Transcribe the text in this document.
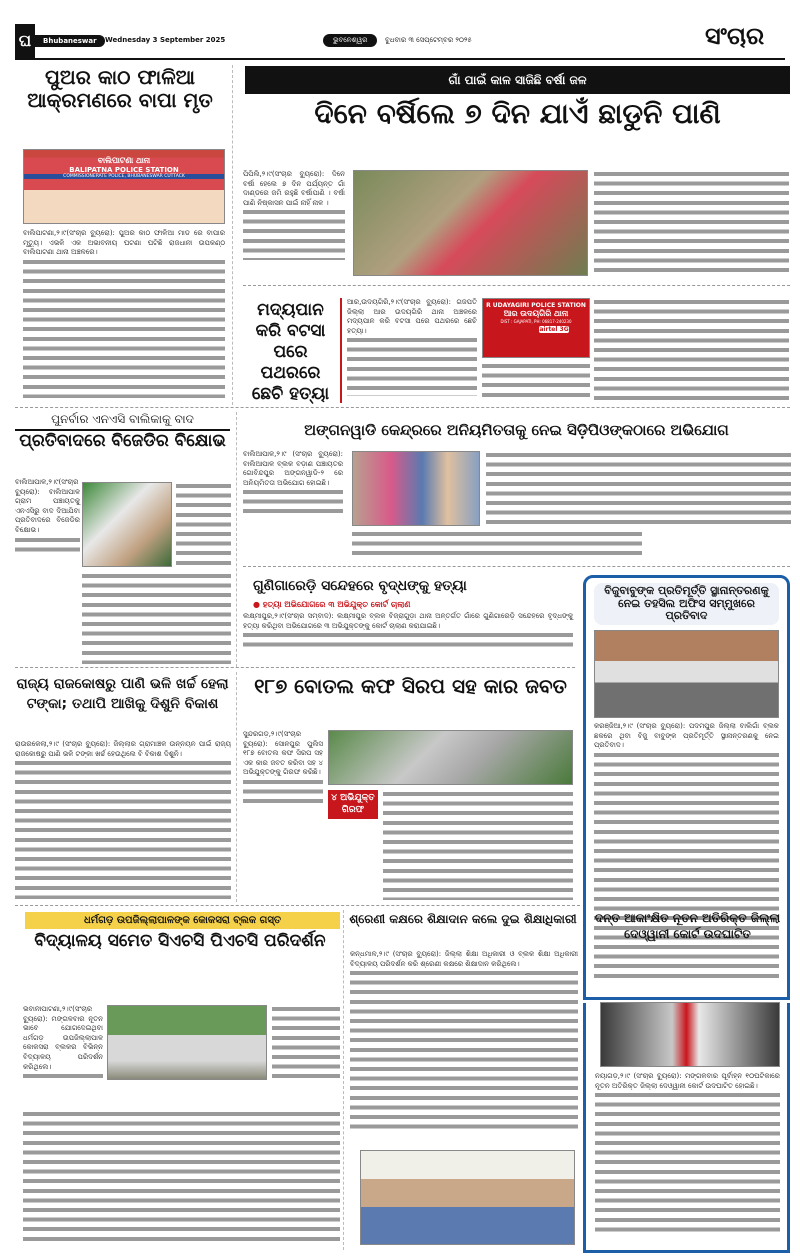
ଘ	Bhubaneswar	Wednesday 3 September 2025	ଭୁବନେଶ୍ୱର	ବୁଧବାର ୩ ସେପ୍ଟେମ୍ବର ୨୦୨୫	ସଂଚାର
ପୁଅର କାଠ ଫାଳିଆ ଆକ୍ରମଣରେ ବାପା ମୃତ
ବାଲିପାଟଣା ଥାନା
BALIPATNA POLICE STATION
COMMISSIONERATE POLICE, BHUBANESWAR CUTTACK

ବାଲିପାଟଣା,୨।୯(ସଂଚାର ବ୍ୟୁରୋ): ପୁଅର କାଠ ଫାଳିଆ ମାଡ ରେ ବାପାର ମୃତ୍ୟୁ। ଏଭଳି ଏକ ଅଭାବନୀୟ ଘଟଣା ଘଟିଛି ରାଜଧାନୀ ଉପକଣ୍ଠ ବାଲିପାଟଣା ଥାନା ଅଞ୍ଚଳରେ।

ଗାଁ ପାଇଁ କାଳ ସାଜିଛି ବର୍ଷା ଜଳ
ଦିନେ ବର୍ଷିଲେ ୭ ଦିନ ଯାଏଁ ଛାଡୁନି ପାଣି

ପିପିଲି,୨।୯(ସଂଚାର ବ୍ୟୁରୋ): ଦିନେ ବର୍ଷା ହେଲେ ୭ ଦିନ ପର୍ଯ୍ୟନ୍ତ ଗାଁ ଦାଣ୍ଡରେ ଜମି ରହୁଛି ବର୍ଷାପାଣି । ବର୍ଷା ପାଣି ନିଷ୍କାସନ ପାଇଁ ନାହିଁ ନାଳ ।

ମଦ୍ୟପାନ କରି ବଟସା ପରେ ପଥରରେ ଛେଚି ହତ୍ୟା

ଆର,ଉଦୟଗିରି,୨।୯(ସଂଚାର ବ୍ୟୁରୋ): ଗଜପତି ଜିଲ୍ଲା ଆର ଉଦୟଗିରି ଥାନା ଅଞ୍ଚଳରେ ମଦ୍ୟପାନ କରି ବଟସା ପରେ ପଥରରେ ଛେଚି ହତ୍ୟା।

R UDAYAGIRI POLICE STATION
ଆର ଉଦୟଗିରି ଥାନା
DIST : GAJAPATI, PH: 06817-240230
airtel 3G
ପୁନର୍ବାର ଏନଏସି ବାଲିକାକୁ ବାଦ
ପ୍ରତିବାଦରେ ବିଜେଡିର ବିକ୍ଷୋଭ

ବାଲିଆପାଳ,୨।୯(ସଂଚାର ବ୍ୟୁରୋ): ବାଲିଆପାଳ ଗ୍ରାମ ପଞ୍ଚାୟତକୁ ଏନଏସିରୁ ବାଦ ଦିଆଯିବା ପ୍ରତିବାଦରେ ବିଜେଡିର ବିକ୍ଷୋଭ।

ଅଙ୍ଗନୱାଡି କେନ୍ଦ୍ରରେ ଅନିୟମିତତାକୁ ନେଇ ସିଡ଼ିପିଓଙ୍କଠାରେ ଅଭିଯୋଗ

ବାଲିଆପାଳ,୨।୯ (ସଂଚାର ବ୍ୟୁରୋ): ବାଲିଆପାଳ ବ୍ଲକ ବଡ଼ାଣ ପଞ୍ଚାୟତର ଗୋବିନ୍ଦପୁର ଅଙ୍ଗନୱାଡି-୨ ରେ ଅନିୟମିତତା ଅଭିଯୋଗ ହୋଇଛି।

ଗୁଣିଗାରେଡ଼ି ସନ୍ଦେହରେ ବୃଦ୍ଧଙ୍କୁ ହତ୍ୟା
● ହତ୍ୟା ଅଭିଯୋଗରେ ୩ ଅଭିଯୁକ୍ତ କୋର୍ଟ ଚାଲାଣ

ଲକ୍ଷ୍ମୀପୁର,୨।୯(ସଂଚାର ସମ୍ବାଦ): ଲକ୍ଷ୍ମୀପୁର ବ୍ଲକ ବିଜ୍ରାଗୁଡ଼ା ଥାନା ଅନ୍ତର୍ଗତ ଗାଁରେ ଗୁଣିଗାରେଡ଼ି ସନ୍ଦେହରେ ବୃଦ୍ଧଙ୍କୁ ହତ୍ୟା କରିଥିବା ଅଭିଯୋଗରେ ୩ ଅଭିଯୁକ୍ତଙ୍କୁ କୋର୍ଟ ଚାଲାଣ କରାଯାଇଛି।

ବିଜୁବାବୁଙ୍କ ପ୍ରତିମୂର୍ତ୍ତି ସ୍ଥାନାନ୍ତରଣକୁ ନେଇ ତହସିଲ ଅଫିସ ସମ୍ମୁଖରେ ପ୍ରତିବାଦ

କରଞ୍ଜିଆ,୨।୯ (ସଂଚାର ବ୍ୟୁରୋ): ପଦମପୁର ଜିଲ୍ଲା ବାଲିଗାଁ ବ୍ଲକ ଛକରେ ଥିବା ବିଜୁ ବାବୁଙ୍କ ପ୍ରତିମୂର୍ତ୍ତି ସ୍ଥାନାନ୍ତରଣକୁ ନେଇ ପ୍ରତିବାଦ।

ରାଜ୍ୟ ରାଜକୋଷରୁ ପାଣି ଭଳି ଖର୍ଚ୍ଚ ହେଲା ଟଙ୍କା; ତଥାପି ଆଖିକୁ ଦିଶୁନି ବିକାଶ

ରାଉରକେଲା,୨।୯ (ସଂଚାର ବ୍ୟୁରୋ): ଜିଲ୍ଲାର ଗ୍ରାମାଞ୍ଚଳ ଉନ୍ନୟନ ପାଇଁ ରାଜ୍ୟ ରାଜକୋଷରୁ ପାଣି ଭଳି ଟଙ୍କା ଖର୍ଚ୍ଚ ହେଉଥିଲେ ବି ବିକାଶ ଦିଶୁନି।

୧୮୭ ବୋତଲ କଫ ସିରପ ସହ କାର ଜବତ

ସୁନ୍ଦରଗଡ଼,୨।୯(ସଂଚାର ବ୍ୟୁରୋ): ସୋନପୁର ପୁଲିସ ୧୮୭ ବୋତଲ କଫ ସିରପ ସହ ଏକ କାର ଜବତ କରିବା ସହ ୪ ଅଭିଯୁକ୍ତଙ୍କୁ ଗିରଫ କରିଛି।

୪ ଅଭିଯୁକ୍ତ ଗିରଫ
ଧର୍ମଗଡ଼ ଉପଜିଲ୍ଲାପାଳଙ୍କ କୋକସରା ବ୍ଲକ ଗସ୍ତ
ବିଦ୍ୟାଳୟ ସମେତ ସିଏଚସି ପିଏଚସି ପରିଦର୍ଶନ

ଭବାନୀପାଟଣା,୨।୯(ସଂଚାର ବ୍ୟୁରୋ): ମଙ୍ଗଳବାର ନୂତନ ଭାବେ ଯୋଗଦେଇଥିବା ଧର୍ମଗଡ଼ ଉପଜିଲ୍ଲାପାଳ କୋକସରା ବ୍ଲକର ବିଭିନ୍ନ ବିଦ୍ୟାଳୟ ପରିଦର୍ଶନ କରିଥିଲେ।

ଶ୍ରେଣୀ କକ୍ଷରେ ଶିକ୍ଷାଦାନ କଲେ ଦୁଇ ଶିକ୍ଷାଧିକାରୀ

କନ୍ଧମାଳ,୨।୯ (ସଂଚାର ବ୍ୟୁରୋ): ଜିଲ୍ଲା ଶିକ୍ଷା ଅଧିକାରୀ ଓ ବ୍ଲକ ଶିକ୍ଷା ଅଧିକାରୀ ବିଦ୍ୟାଳୟ ପରିଦର୍ଶନ କରି ଶ୍ରେଣୀ କକ୍ଷରେ ଶିକ୍ଷାଦାନ କରିଥିଲେ।

ଦନ୍ତ ଆକାଂକ୍ଷିତ ନୂତନ ଅତିରିକ୍ତ ଜିଲ୍ଲା ଦେଓ୍ୱାନୀ କୋର୍ଟ ଉଦଘାଟିତ

ନୟାଗଡ଼,୨।୯ (ସଂଚାର ବ୍ୟୁରୋ): ମଙ୍ଗଳବାର ପୂର୍ବାହ୍ନ ୧୦ଘଟିକାରେ ନୂତନ ଅତିରିକ୍ତ ଜିଲ୍ଲା ଦେଓ୍ୱାନୀ କୋର୍ଟ ଉଦଘାଟିତ ହୋଇଛି।
